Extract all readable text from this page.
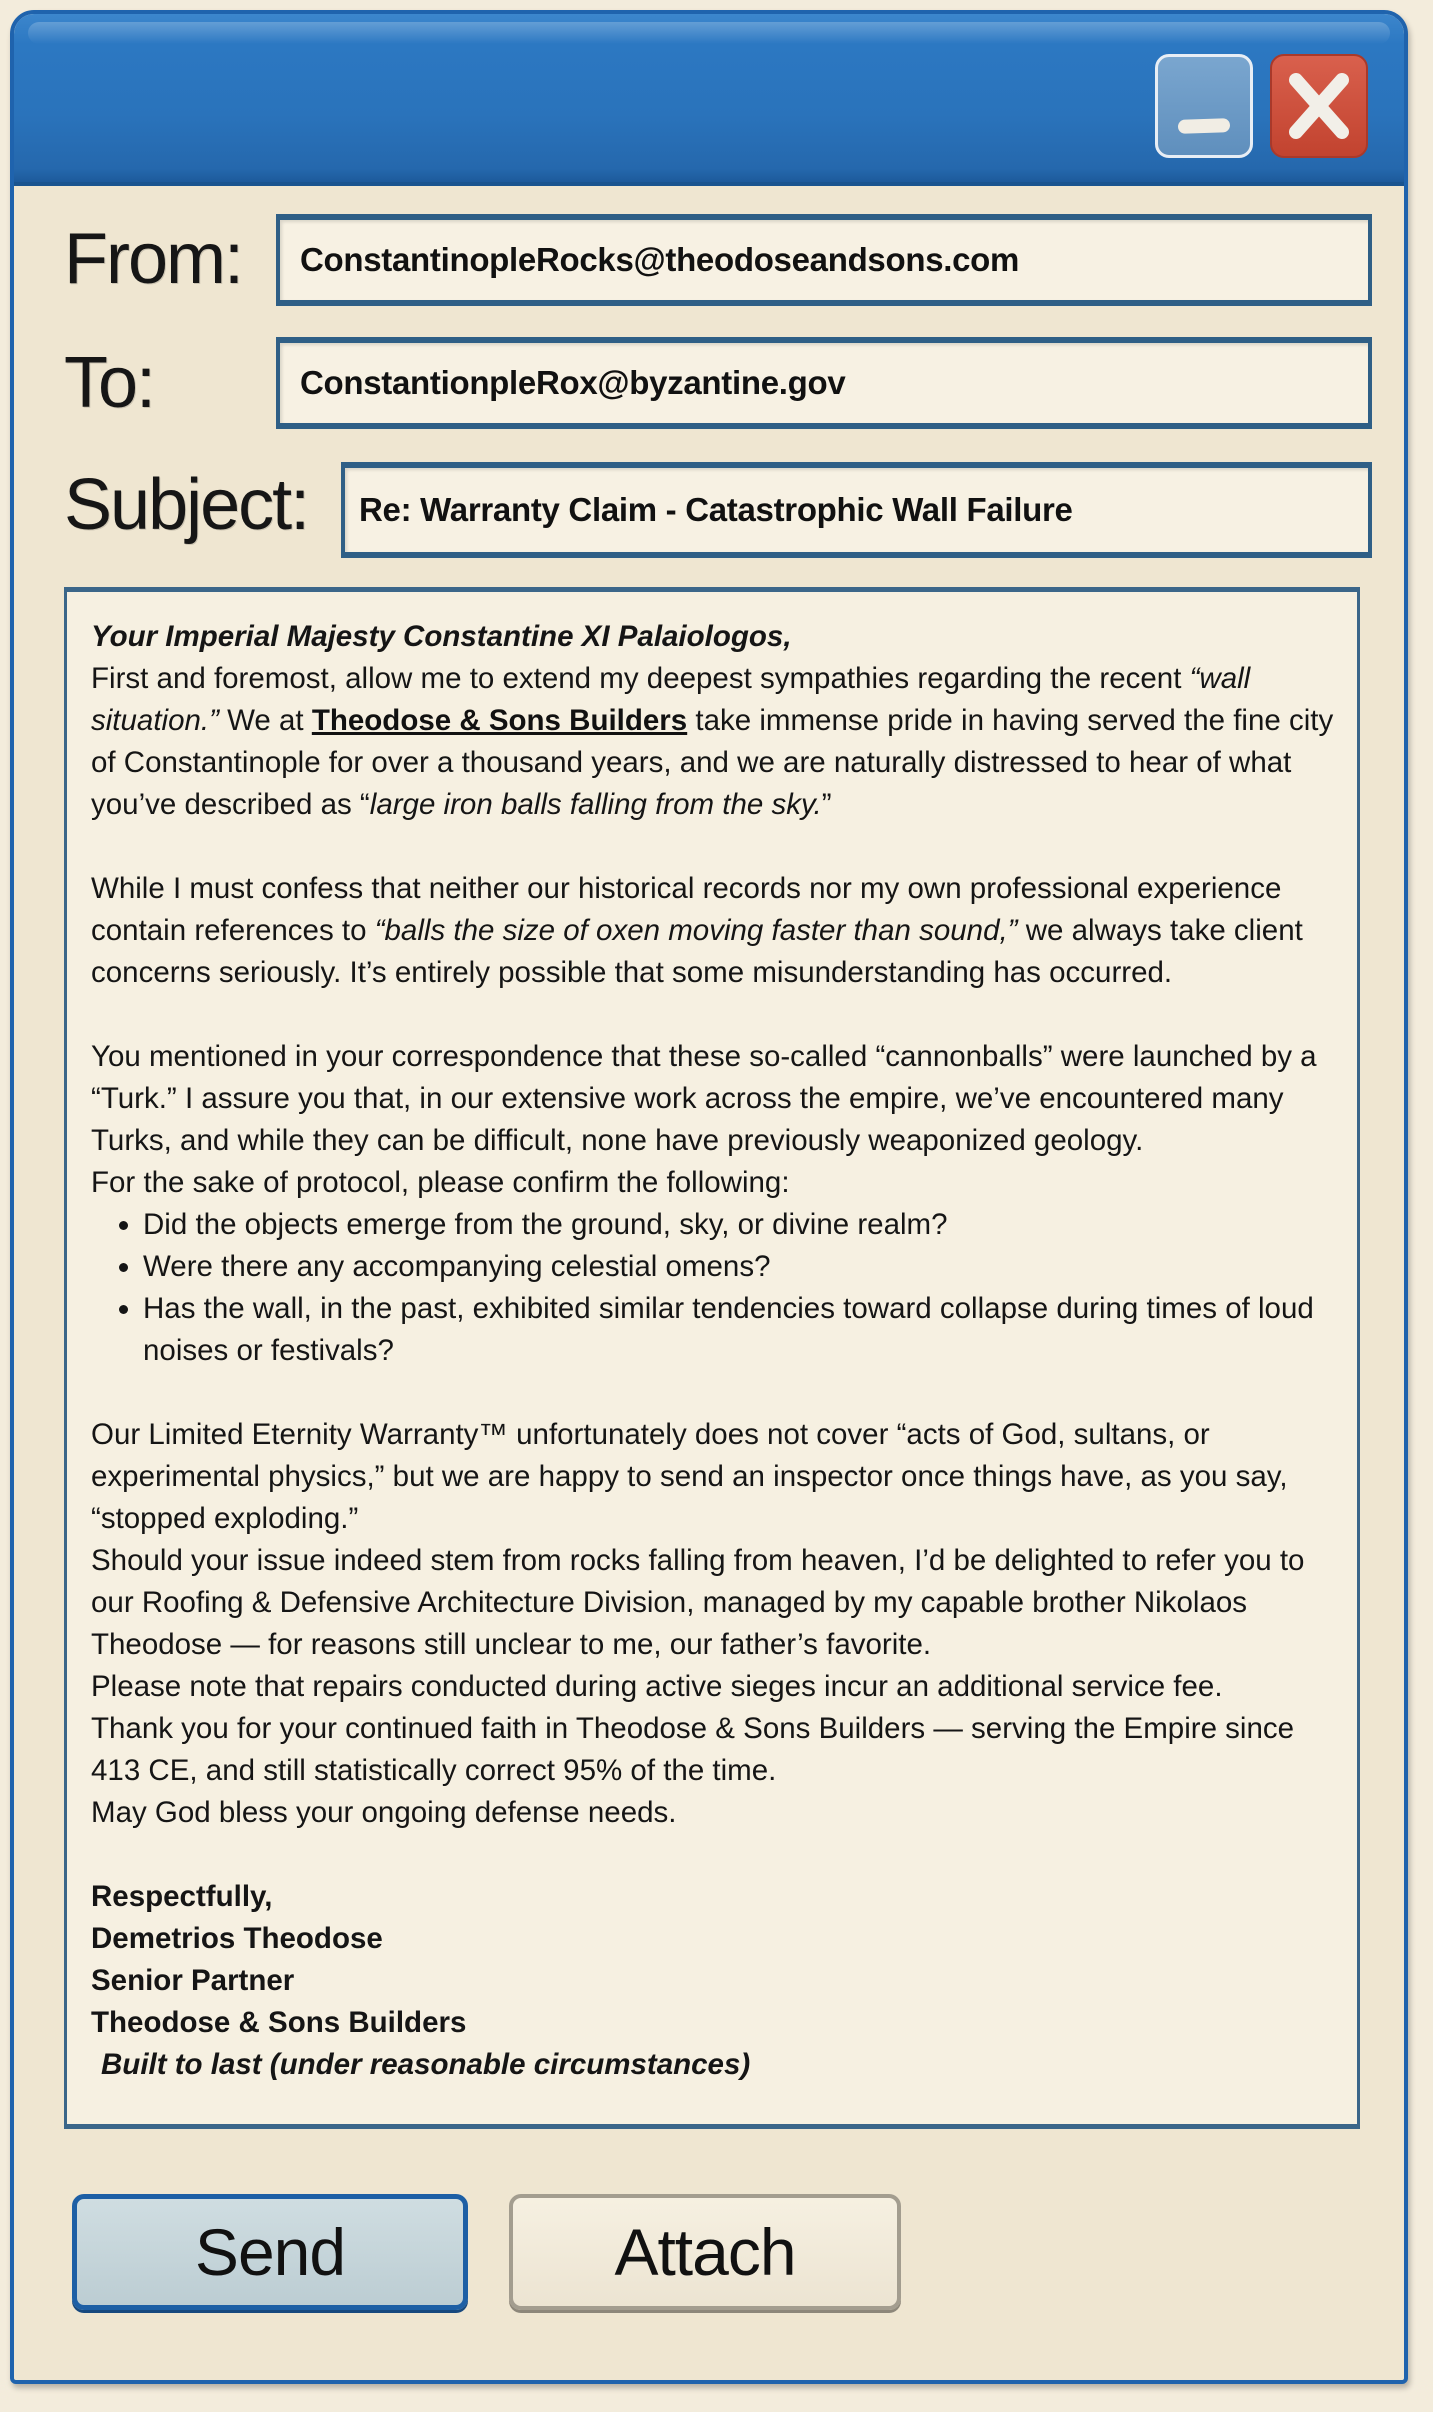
From:	ConstantinopleRocks@theodoseandsons.com
To:	ConstantionpleRox@byzantine.gov
Subject:	Re: Warranty Claim - Catastrophic Wall Failure

Your Imperial Majesty Constantine XI Palaiologos,

First and foremost, allow me to extend my deepest sympathies regarding the recent “wall situation.” We at Theodose & Sons Builders take immense pride in having served the fine city of Constantinople for over a thousand years, and we are naturally distressed to hear of what you’ve described as “large iron balls falling from the sky.”

While I must confess that neither our historical records nor my own professional experience contain references to “balls the size of oxen moving faster than sound,” we always take client concerns seriously. It’s entirely possible that some misunderstanding has occurred.

You mentioned in your correspondence that these so-called “cannonballs” were launched by a “Turk.” I assure you that, in our extensive work across the empire, we’ve encountered many Turks, and while they can be difficult, none have previously weaponized geology.

For the sake of protocol, please confirm the following:

• Did the objects emerge from the ground, sky, or divine realm?
• Were there any accompanying celestial omens?
• Has the wall, in the past, exhibited similar tendencies toward collapse during times of loud noises or festivals?

Our Limited Eternity Warranty™ unfortunately does not cover “acts of God, sultans, or experimental physics,” but we are happy to send an inspector once things have, as you say, “stopped exploding.”

Should your issue indeed stem from rocks falling from heaven, I’d be delighted to refer you to our Roofing & Defensive Architecture Division, managed by my capable brother Nikolaos Theodose — for reasons still unclear to me, our father’s favorite.

Please note that repairs conducted during active sieges incur an additional service fee.

Thank you for your continued faith in Theodose & Sons Builders — serving the Empire since 413 CE, and still statistically correct 95% of the time.

May God bless your ongoing defense needs.

Respectfully,

Demetrios Theodose

Senior Partner

Theodose & Sons Builders

Built to last (under reasonable circumstances)

Send	Attach
